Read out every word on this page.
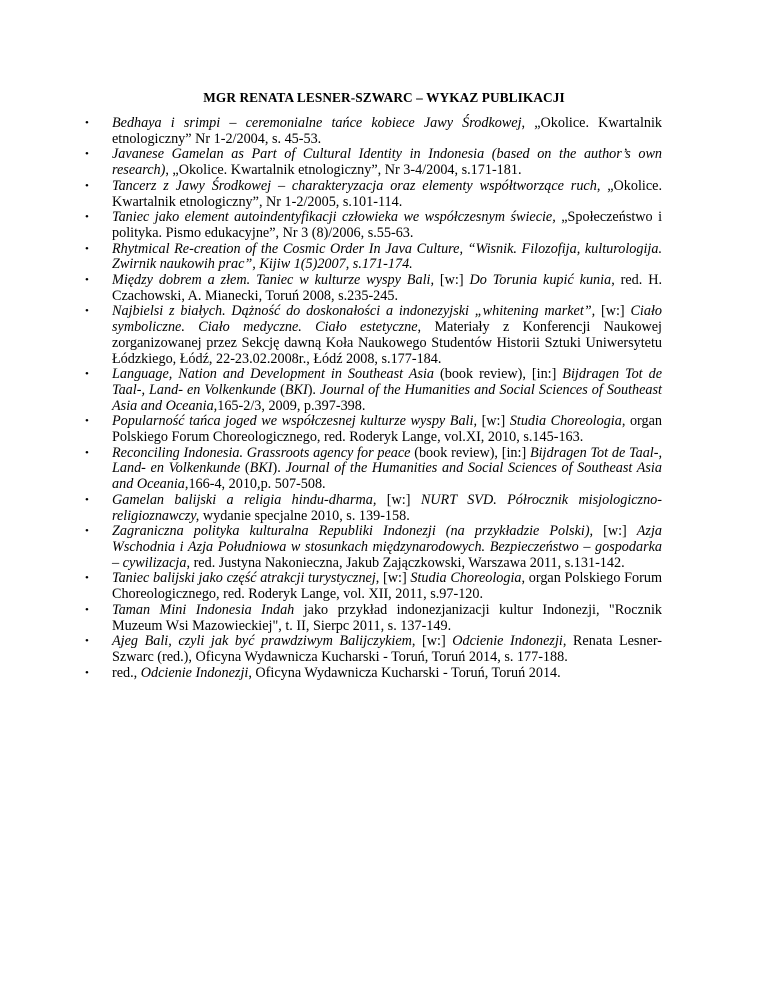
MGR RENATA LESNER-SZWARC – WYKAZ PUBLIKACJI
• Bedhaya i srimpi – ceremonialne tańce kobiece Jawy Środkowej, „Okolice. Kwartalnik etnologiczny” Nr 1-2/2004, s. 45-53.
• Javanese Gamelan as Part of Cultural Identity in Indonesia (based on the author’s own research), „Okolice. Kwartalnik etnologiczny”, Nr 3-4/2004, s.171-181.
• Tancerz z Jawy Środkowej – charakteryzacja oraz elementy współtworzące ruch, „Okolice. Kwartalnik etnologiczny”, Nr 1-2/2005, s.101-114.
• Taniec jako element autoindentyfikacji człowieka we współczesnym świecie, „Społeczeństwo i polityka. Pismo edukacyjne”, Nr 3 (8)/2006, s.55-63.
• Rhytmical Re-creation of the Cosmic Order In Java Culture, “Wisnik. Filozofija, kulturologija. Zwirnik naukowih prac”, Kijiw 1(5)2007, s.171-174.
• Między dobrem a złem. Taniec w kulturze wyspy Bali, [w:] Do Torunia kupić kunia, red. H. Czachowski, A. Mianecki, Toruń 2008, s.235-245.
• Najbielsi z białych. Dążność do doskonałości a indonezyjski „whitening market”, [w:] Ciało symboliczne. Ciało medyczne. Ciało estetyczne, Materiały z Konferencji Naukowej zorganizowanej przez Sekcję dawną Koła Naukowego Studentów Historii Sztuki Uniwersytetu Łódzkiego, Łódź, 22-23.02.2008r., Łódź 2008, s.177-184.
• Language, Nation and Development in Southeast Asia (book review), [in:] Bijdragen Tot de Taal-, Land- en Volkenkunde (BKI). Journal of the Humanities and Social Sciences of Southeast Asia and Oceania,165-2/3, 2009, p.397-398.
• Popularność tańca joged we współczesnej kulturze wyspy Bali, [w:] Studia Choreologia, organ Polskiego Forum Choreologicznego, red. Roderyk Lange, vol.XI, 2010, s.145-163.
• Reconciling Indonesia. Grassroots agency for peace (book review), [in:] Bijdragen Tot de Taal-, Land- en Volkenkunde (BKI). Journal of the Humanities and Social Sciences of Southeast Asia and Oceania,166-4, 2010,p. 507-508.
• Gamelan balijski a religia hindu-dharma, [w:] NURT SVD. Półrocznik misjologiczno-religioznawczy, wydanie specjalne 2010, s. 139-158.
• Zagraniczna polityka kulturalna Republiki Indonezji (na przykładzie Polski), [w:] Azja Wschodnia i Azja Południowa w stosunkach międzynarodowych. Bezpieczeństwo – gospodarka – cywilizacja, red. Justyna Nakonieczna, Jakub Zajączkowski, Warszawa 2011, s.131-142.
• Taniec balijski jako część atrakcji turystycznej, [w:] Studia Choreologia, organ Polskiego Forum Choreologicznego, red. Roderyk Lange, vol. XII, 2011, s.97-120.
• Taman Mini Indonesia Indah jako przykład indonezjanizacji kultur Indonezji, "Rocznik Muzeum Wsi Mazowieckiej", t. II, Sierpc 2011, s. 137-149.
• Ajeg Bali, czyli jak być prawdziwym Balijczykiem, [w:] Odcienie Indonezji, Renata Lesner-Szwarc (red.), Oficyna Wydawnicza Kucharski - Toruń, Toruń 2014, s. 177-188.
• red., Odcienie Indonezji, Oficyna Wydawnicza Kucharski - Toruń, Toruń 2014.
